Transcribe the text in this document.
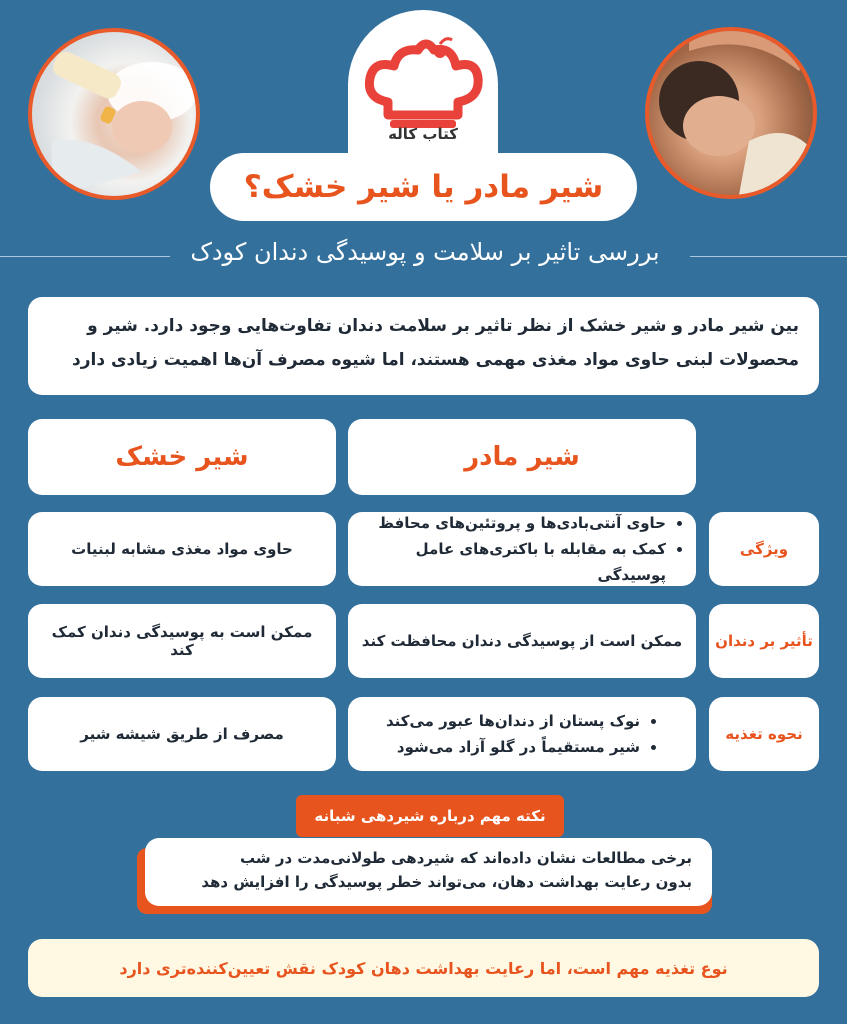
کتاب کاله
شیر مادر یا شیر خشک؟
بررسی تاثیر بر سلامت و پوسیدگی دندان کودک
بین شیر مادر و شیر خشک از نظر تاثیر بر سلامت دندان تفاوت‌هایی وجود دارد. شیر و محصولات لبنی حاوی مواد مغذی مهمی هستند، اما شیوه مصرف آن‌ها اهمیت زیادی دارد
شیر مادر
شیر خشک
ویژگی
• حاوی آنتی‌بادی‌ها و پروتئین‌های محافظ
• کمک به مقابله با باکتری‌های عامل پوسیدگی
حاوی مواد مغذی مشابه لبنیات
تأثیر بر دندان
ممکن است از پوسیدگی دندان محافظت کند
ممکن است به پوسیدگی دندان کمک کند
نحوه تغذیه
• نوک پستان از دندان‌ها عبور می‌کند
• شیر مستقیماً در گلو آزاد می‌شود
مصرف از طریق شیشه شیر
نکته مهم درباره شیردهی شبانه
برخی مطالعات نشان داده‌اند که شیردهی طولانی‌مدت در شب
بدون رعایت بهداشت دهان، می‌تواند خطر پوسیدگی را افزایش دهد
نوع تغذیه مهم است، اما رعایت بهداشت دهان کودک نقش تعیین‌کننده‌تری دارد
